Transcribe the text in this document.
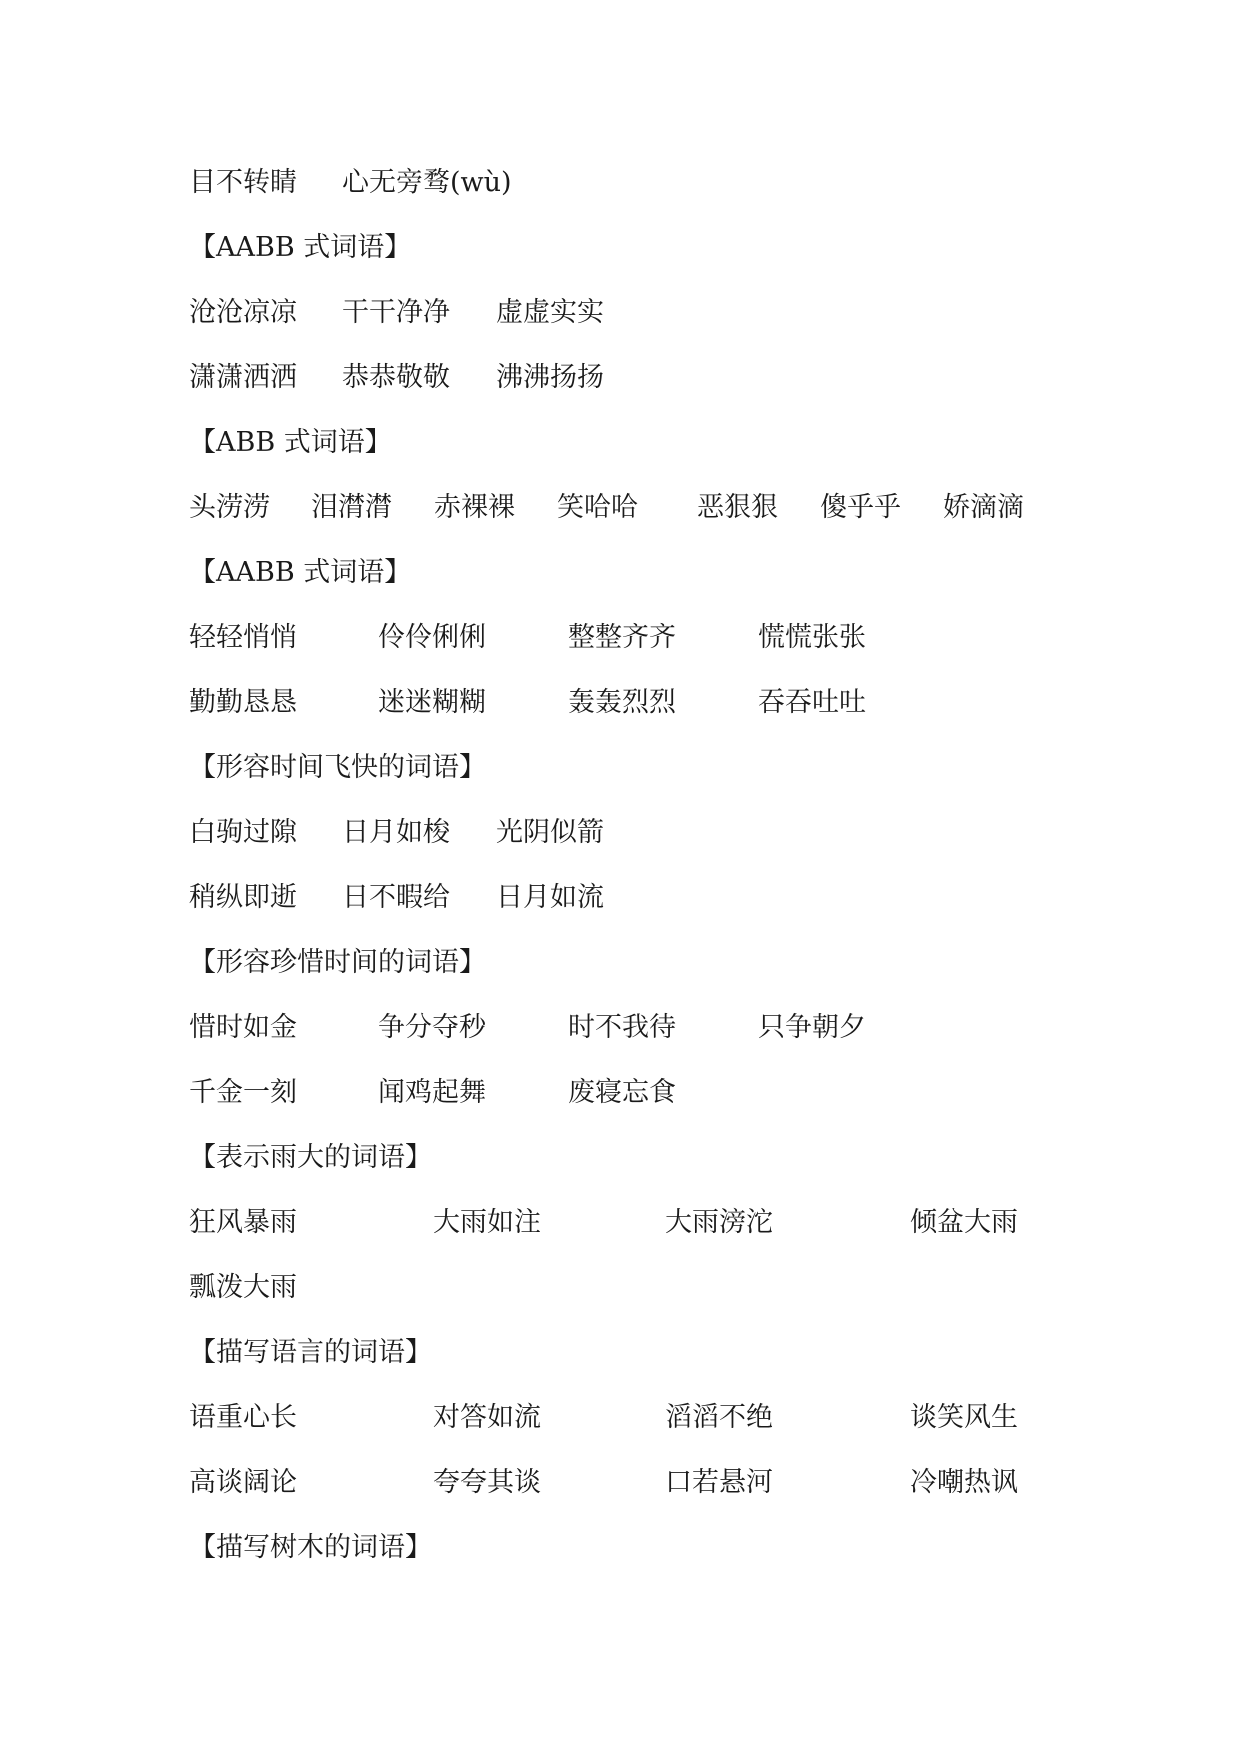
目不转睛 心无旁骛(wù)
【AABB 式词语】
沧沧凉凉 干干净净 虚虚实实
潇潇洒洒 恭恭敬敬 沸沸扬扬
【ABB 式词语】
头涝涝 泪潸潸 赤裸裸 笑哈哈 恶狠狠 傻乎乎 娇滴滴
【AABB 式词语】
轻轻悄悄	伶伶俐俐	整整齐齐	慌慌张张
勤勤恳恳	迷迷糊糊	轰轰烈烈	吞吞吐吐
【形容时间飞快的词语】
白驹过隙 日月如梭 光阴似箭
稍纵即逝 日不暇给 日月如流
【形容珍惜时间的词语】
惜时如金	争分夺秒	时不我待	只争朝夕
千金一刻	闻鸡起舞	废寝忘食
【表示雨大的词语】
狂风暴雨	大雨如注	大雨滂沱	倾盆大雨
瓢泼大雨
【描写语言的词语】
语重心长	对答如流	滔滔不绝	谈笑风生
高谈阔论	夸夸其谈	口若悬河	冷嘲热讽
【描写树木的词语】
